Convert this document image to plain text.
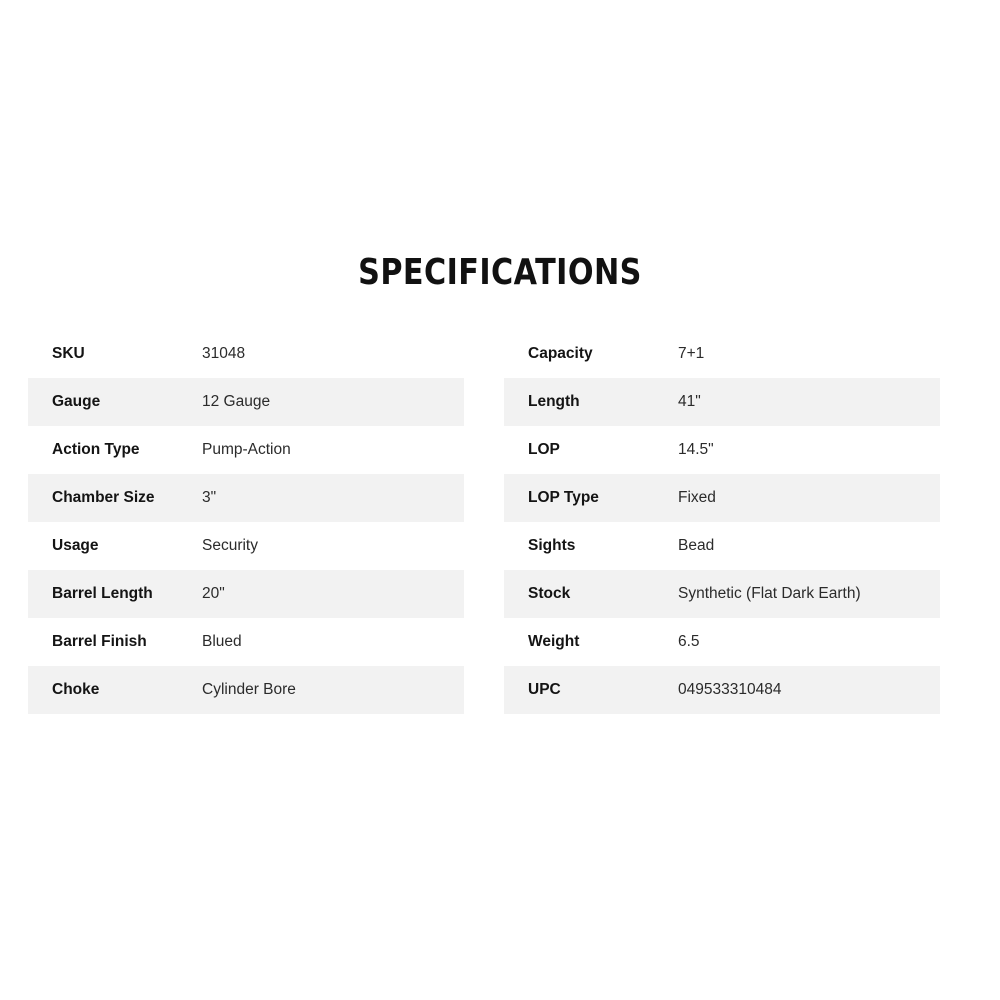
SPECIFICATIONS
SKU	31048
Gauge	12 Gauge
Action Type	Pump-Action
Chamber Size	3"
Usage	Security
Barrel Length	20"
Barrel Finish	Blued
Choke	Cylinder Bore
Capacity	7+1
Length	41"
LOP	14.5"
LOP Type	Fixed
Sights	Bead
Stock	Synthetic (Flat Dark Earth)
Weight	6.5
UPC	049533310484
